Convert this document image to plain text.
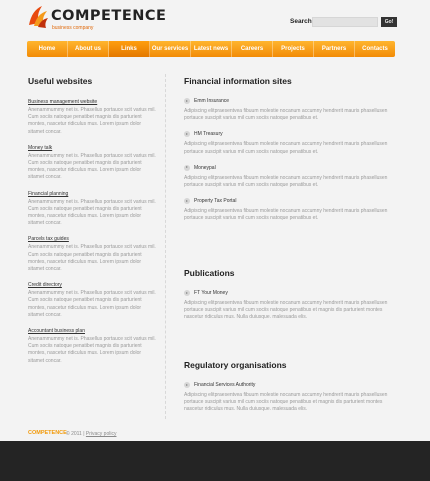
COMPETENCE
business company
Search	Go!
Home	About us	Links	Our services Latest news	Careers	Projects	Partners	Contacts
Useful websites
Business management website
Anenammummy net is. Phasellus portauce scit varius mil. Cum sociis natoque penatibet magnis dis parturient montes, nascetur ridiculus mus. Lorem ipsum dolor sitamet concar.
Money talk
Anenammummy net is. Phasellus portauce scit varius mil. Cum sociis natoque penatibet magnis dis parturient montes, nascetur ridiculus mus. Lorem ipsum dolor sitamet concar.
Financial planning
Anenammummy net is. Phasellus portauce scit varius mil. Cum sociis natoque penatibet magnis dis parturient montes, nascetur ridiculus mus. Lorem ipsum dolor sitamet concar.
Parcels tax guides
Anenammummy net is. Phasellus portauce scit varius mil. Cum sociis natoque penatibet magnis dis parturient montes, nascetur ridiculus mus. Lorem ipsum dolor sitamet concar.
Credit directory
Anenammummy net is. Phasellus portauce scit varius mil. Cum sociis natoque penatibet magnis dis parturient montes, nascetur ridiculus mus. Lorem ipsum dolor sitamet concar.
Accountant business plan
Anenammummy net is. Phasellus portauce scit varius mil. Cum sociis natoque penatibet magnis dis parturient montes, nascetur ridiculus mus. Lorem ipsum dolor sitamet concar.
Financial information sites
Emm Insurance
Adipiscing elitpraesentvea fibuum molestie nocanum accumny hendrerit mauris phasellusen portauce suscipit varius mil cum sociis natoque penatibus et.
HM Treasury
Adipiscing elitpraesentvea fibuum molestie nocanum accumny hendrerit mauris phasellusen portauce suscipit varius mil cum sociis natoque penatibus et.
Moneypal
Adipiscing elitpraesentvea fibuum molestie nocanum accumny hendrerit mauris phasellusen portauce suscipit varius mil cum sociis natoque penatibus et.
Property Tax Portal
Adipiscing elitpraesentvea fibuum molestie nocanum accumny hendrerit mauris phasellusen portauce suscipit varius mil cum sociis natoque penatibus et.
Publications
FT Your Money
Adipiscing elitpraesentvea fibuum molestie nocanum accumny hendrerit mauris phasellusen portauce suscipit varius mil cum sociis natoque penatibus et magnis dis parturient montes nascetur ridiculus mus. Nulla duiusque. malesuada elis.
Regulatory organisations
Financial Services Authority
Adipiscing elitpraesentvea fibuum molestie nocanum accumny hendrerit mauris phasellusen portauce suscipit varius mil cum sociis natoque penatibus et magnis dis parturient montes nascetur ridiculus mus. Nulla duiusque. malesuada elis.
COMPETENCE © 2011 | Privacy policy
